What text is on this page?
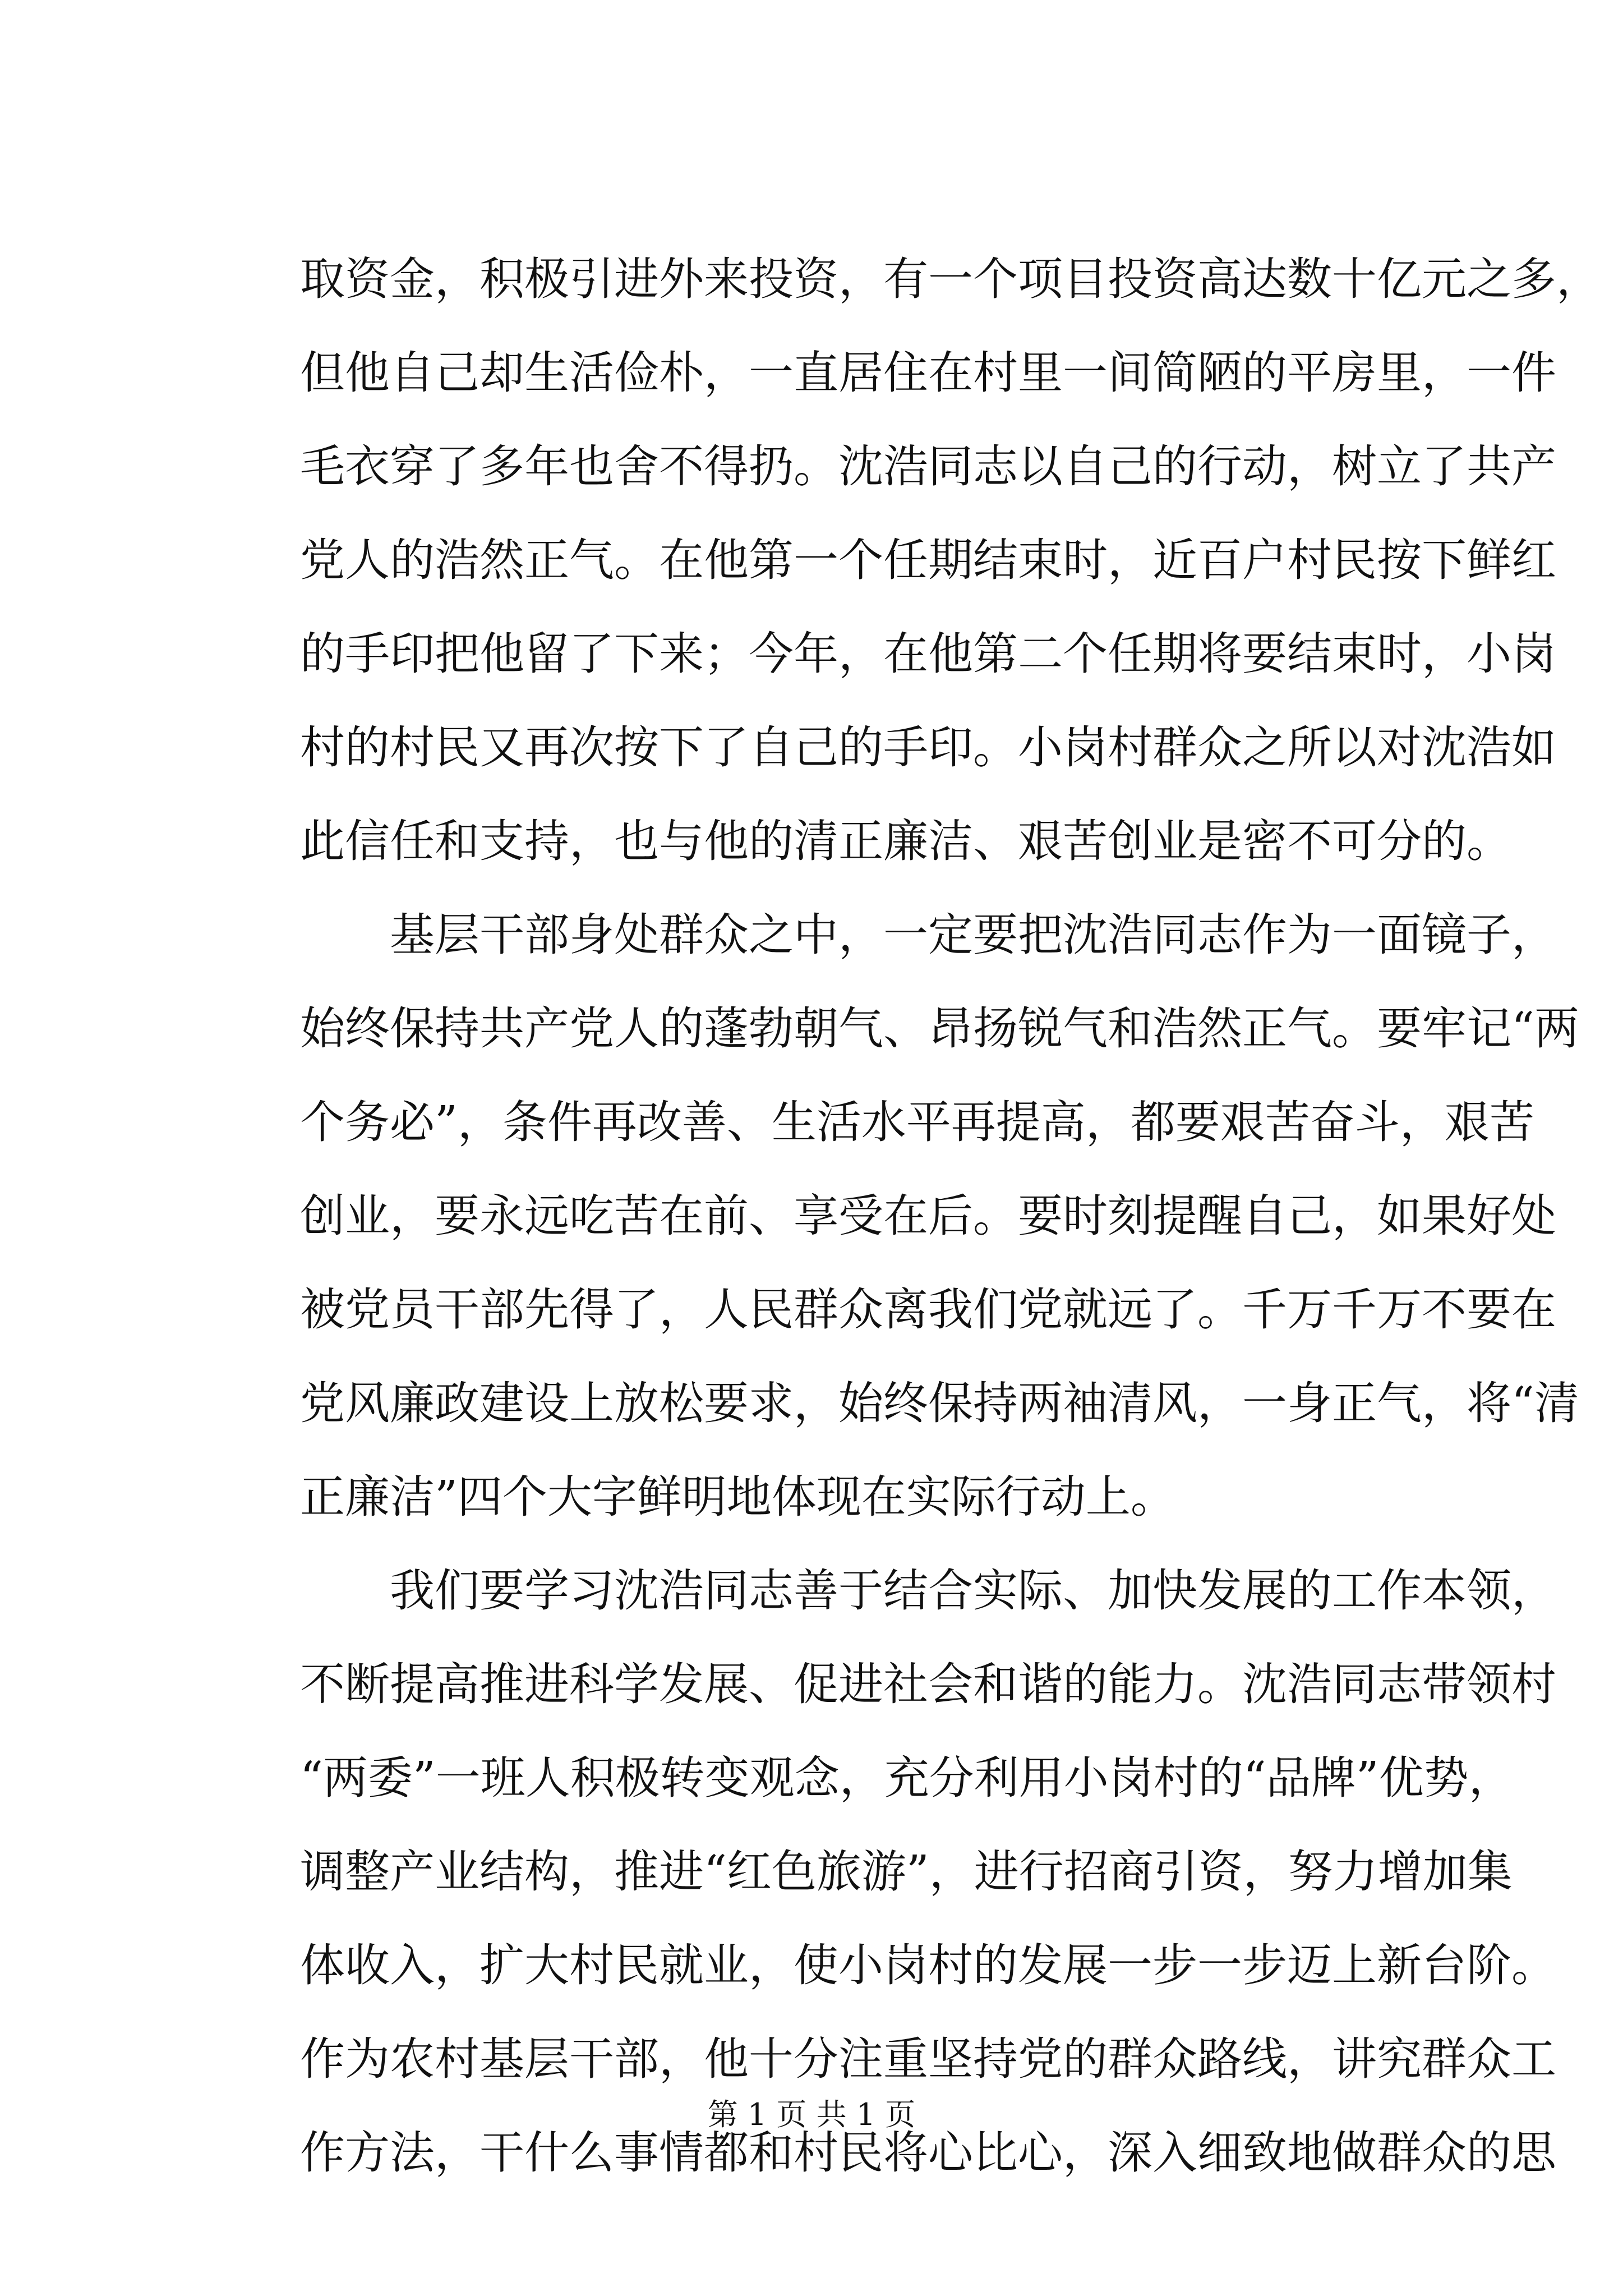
取资金，积极引进外来投资，有一个项目投资高达数十亿元之多，
但他自己却生活俭朴，一直居住在村里一间简陋的平房里，一件
毛衣穿了多年也舍不得扔。沈浩同志以自己的行动，树立了共产
党人的浩然正气。在他第一个任期结束时，近百户村民按下鲜红
的手印把他留了下来；今年，在他第二个任期将要结束时，小岗
村的村民又再次按下了自己的手印。小岗村群众之所以对沈浩如
此信任和支持，也与他的清正廉洁、艰苦创业是密不可分的。
基层干部身处群众之中，一定要把沈浩同志作为一面镜子，
始终保持共产党人的蓬勃朝气、昂扬锐气和浩然正气。要牢记“两
个务必”，条件再改善、生活水平再提高，都要艰苦奋斗，艰苦
创业，要永远吃苦在前、享受在后。要时刻提醒自己，如果好处
被党员干部先得了，人民群众离我们党就远了。千万千万不要在
党风廉政建设上放松要求，始终保持两袖清风，一身正气，将“清
正廉洁”四个大字鲜明地体现在实际行动上。
我们要学习沈浩同志善于结合实际、加快发展的工作本领，
不断提高推进科学发展、促进社会和谐的能力。沈浩同志带领村
“两委”一班人积极转变观念，充分利用小岗村的“品牌”优势，
调整产业结构，推进“红色旅游”，进行招商引资，努力增加集
体收入，扩大村民就业，使小岗村的发展一步一步迈上新台阶。
作为农村基层干部，他十分注重坚持党的群众路线，讲究群众工
作方法，干什么事情都和村民将心比心，深入细致地做群众的思
第 1 页 共 1 页
